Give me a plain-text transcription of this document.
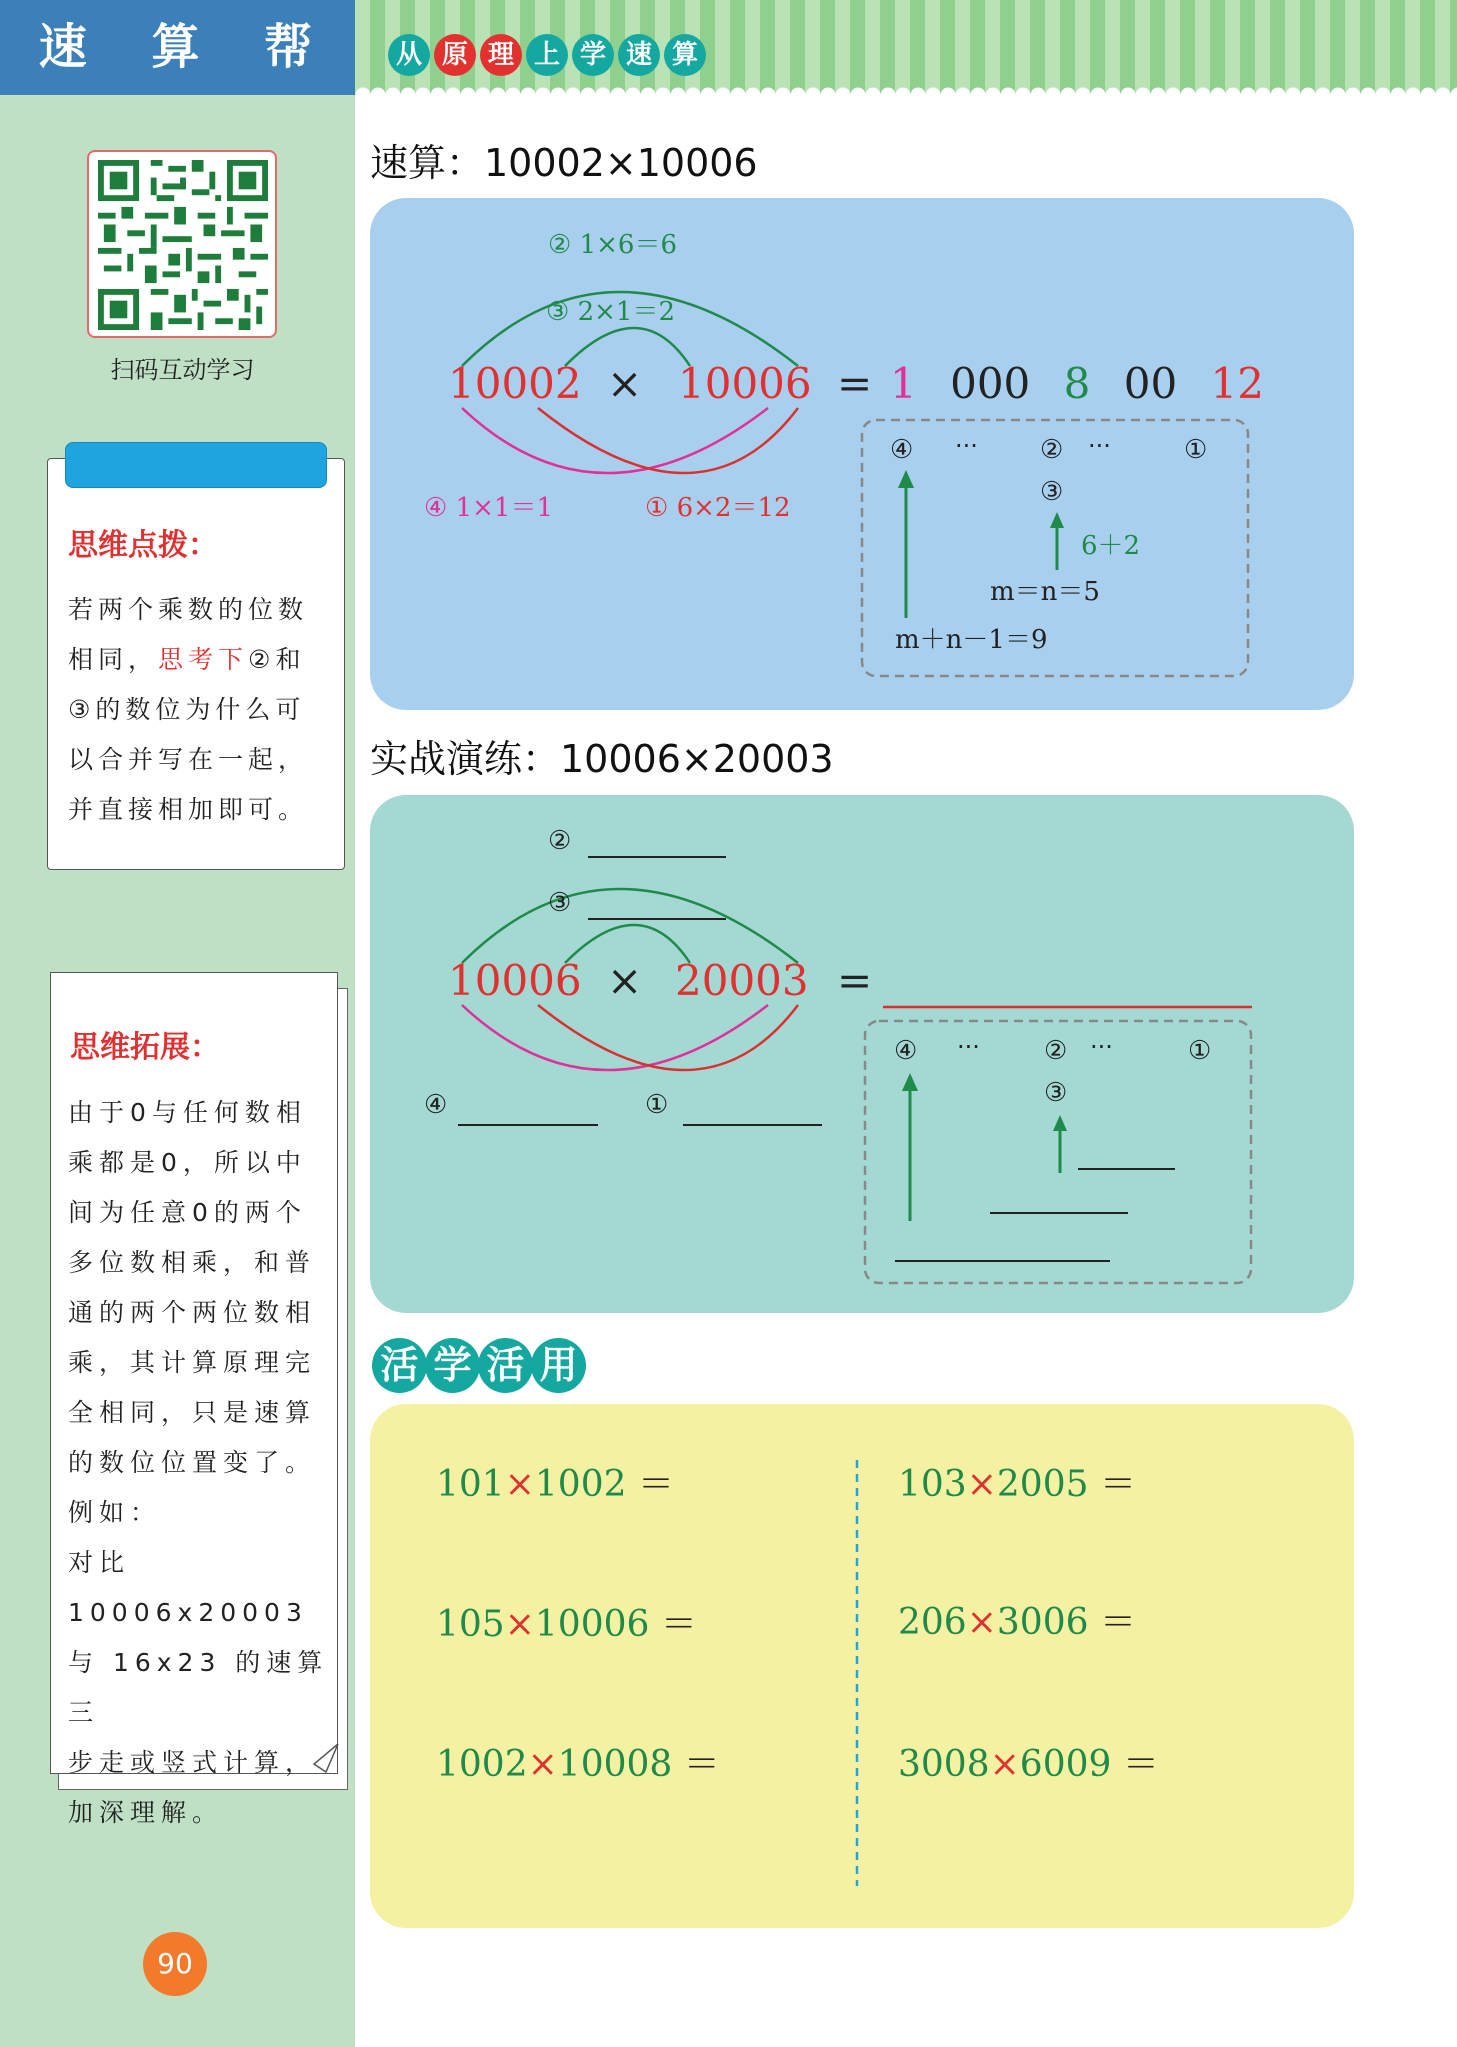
速 算 帮
扫码互动学习
思维点拨：
若两个乘数的位数相同，思考下②和③的数位为什么可以合并写在一起，并直接相加即可。
思维拓展：
由于0与任何数相
乘都是0，所以中
间为任意0的两个
多位数相乘，和普
通的两个两位数相
乘，其计算原理完
全相同，只是速算
的数位位置变了。
例如：
对比 10006x20003
与 16x23 的速算三
步走或竖式计算，
加深理解。
90
从 原 理 上 学 速 算
速算：10002×10006
10002 × 10006 = 1 000 8 00 12
② 1×6＝6
③ 2×1＝2
④ 1×1＝1	① 6×2＝12
④ ··· ② ···	①
③
6＋2
m＝n＝5
m＋n－1＝9
实战演练：10006×20003
10006 × 20003 =
②
③
④	①
④ ··· ② ···	①
③
活 学 活 用
101×1002 ＝	103×2005 ＝
105×10006 ＝	206×3006 ＝
1002×10008 ＝	3008×6009 ＝
